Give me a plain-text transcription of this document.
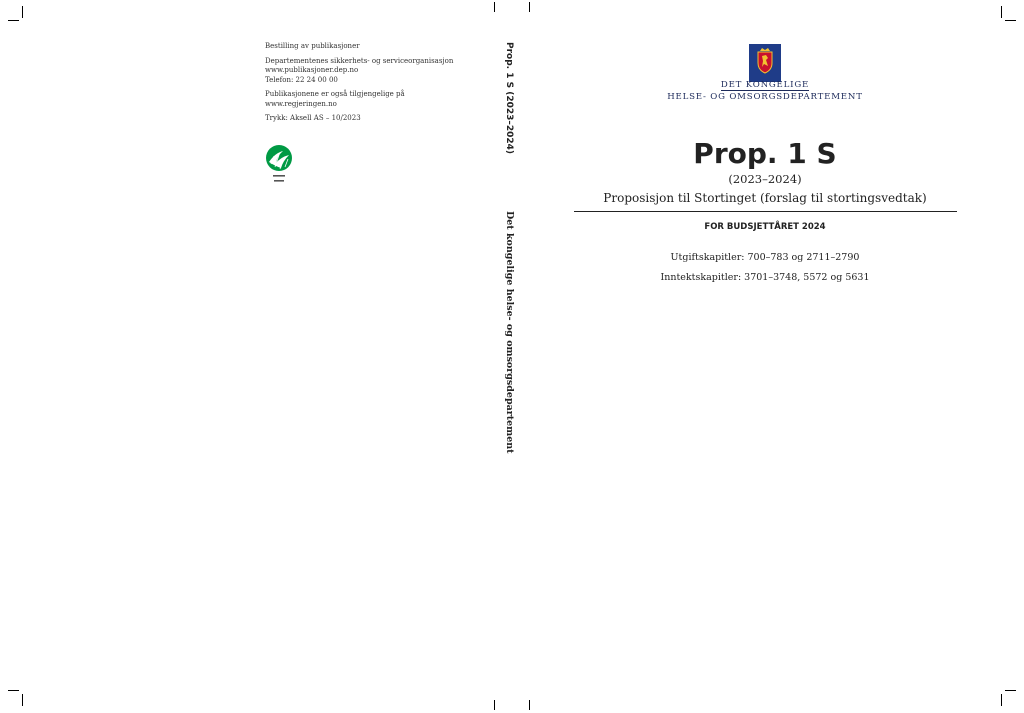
Bestilling av publikasjoner

Departementenes sikkerhets- og serviceorganisasjon
www.publikasjoner.dep.no
Telefon: 22 24 00 00

Publikasjonene er også tilgjengelige på
www.regjeringen.no

Trykk: Aksell AS – 10/2023	Prop. 1 S (2023–2024)
Det kongelige helse- og omsorgsdepartement
DET KONGELIGE
HELSE- OG OMSORGSDEPARTEMENT
Prop. 1 S
(2023–2024)
Proposisjon til Stortinget (forslag til stortingsvedtak)
FOR BUDSJETTÅRET 2024
Utgiftskapitler: 700–783 og 2711–2790
Inntektskapitler: 3701–3748, 5572 og 5631
